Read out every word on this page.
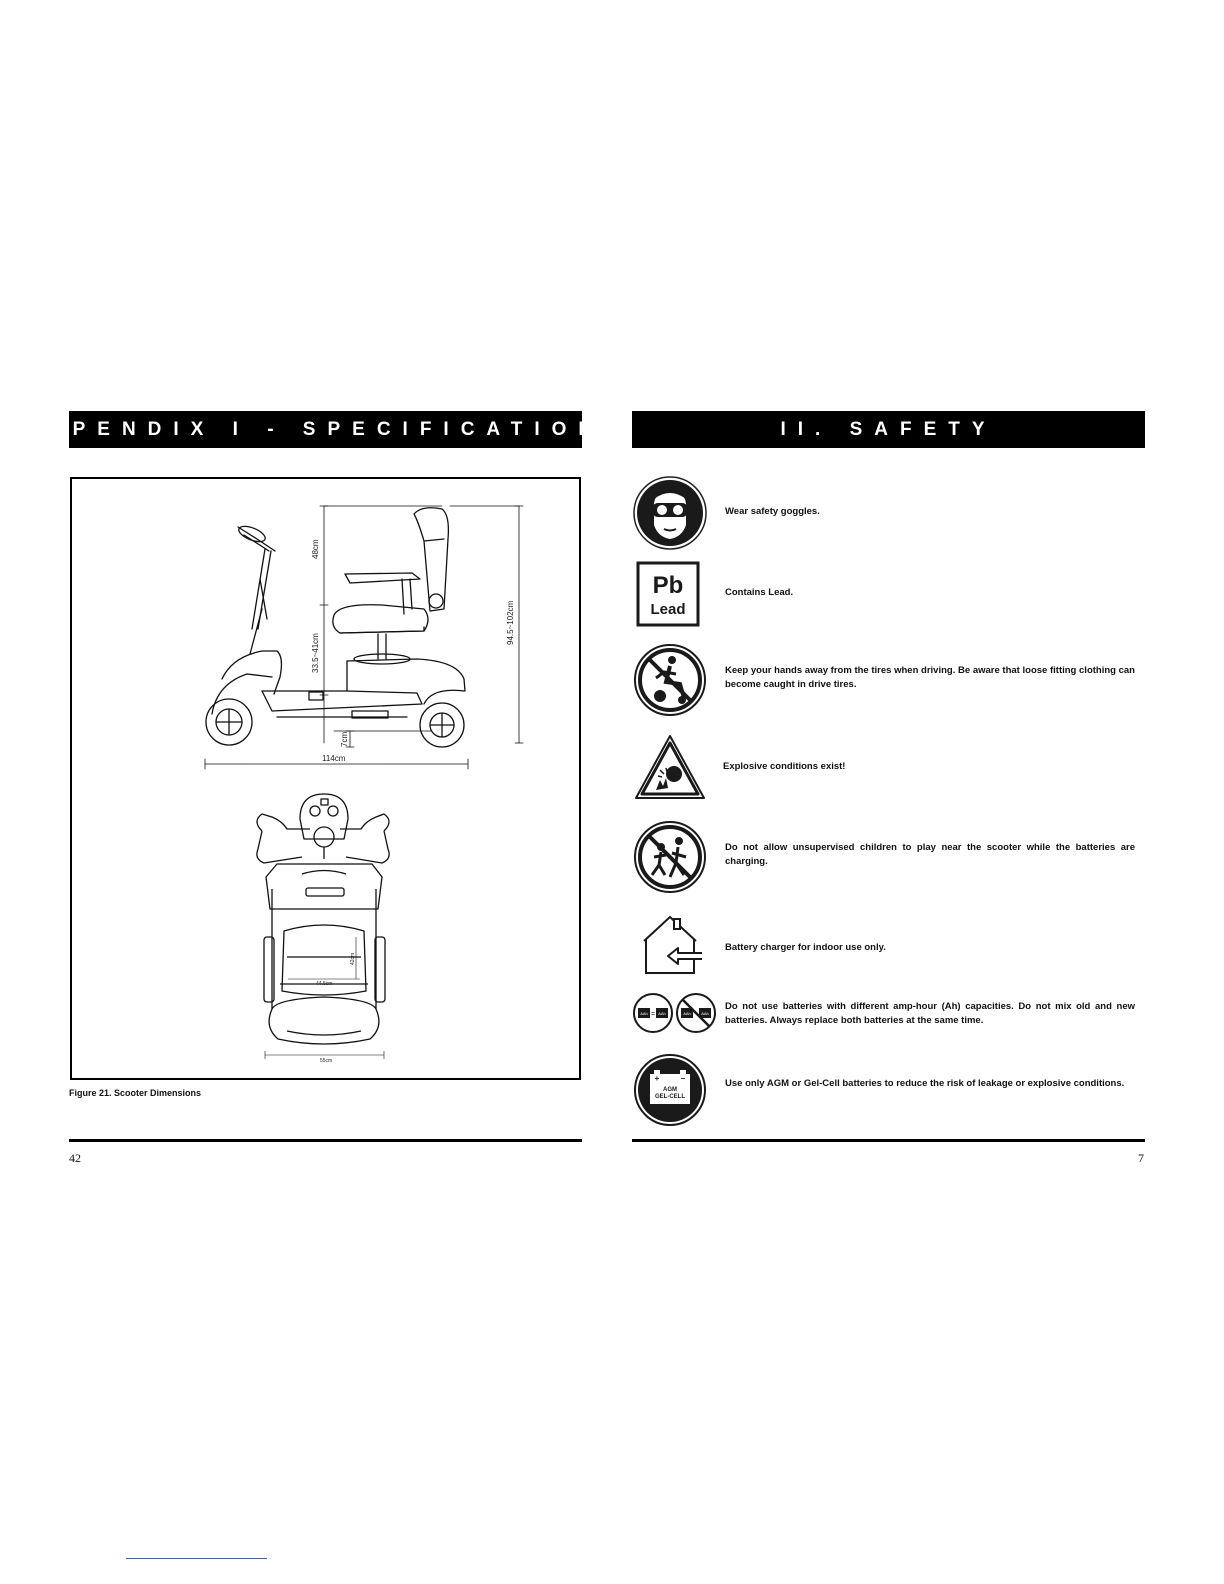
APPENDIX I - SPECIFICATIONS
48cm
33.5~41cm
94.5~102cm
7cm
114cm
44.5cm
42cm
55cm
Figure 21. Scooter Dimensions
42
II. SAFETY
Wear safety goggles.
Pb
Lead
Contains Lead.
Keep your hands away from the tires when driving. Be aware that loose fitting clothing can become caught in drive tires.
Explosive conditions exist!
Do not allow unsupervised children to play near the scooter while the batteries are charging.
Battery charger for indoor use only.
AAh = AAh	AAh	AAh
Do not use batteries with different amp-hour (Ah) capacities. Do not mix old and new batteries. Always replace both batteries at the same time.
+	−
AGM
GEL-CELL
Use only AGM or Gel-Cell batteries to reduce the risk of leakage or explosive conditions.
7
